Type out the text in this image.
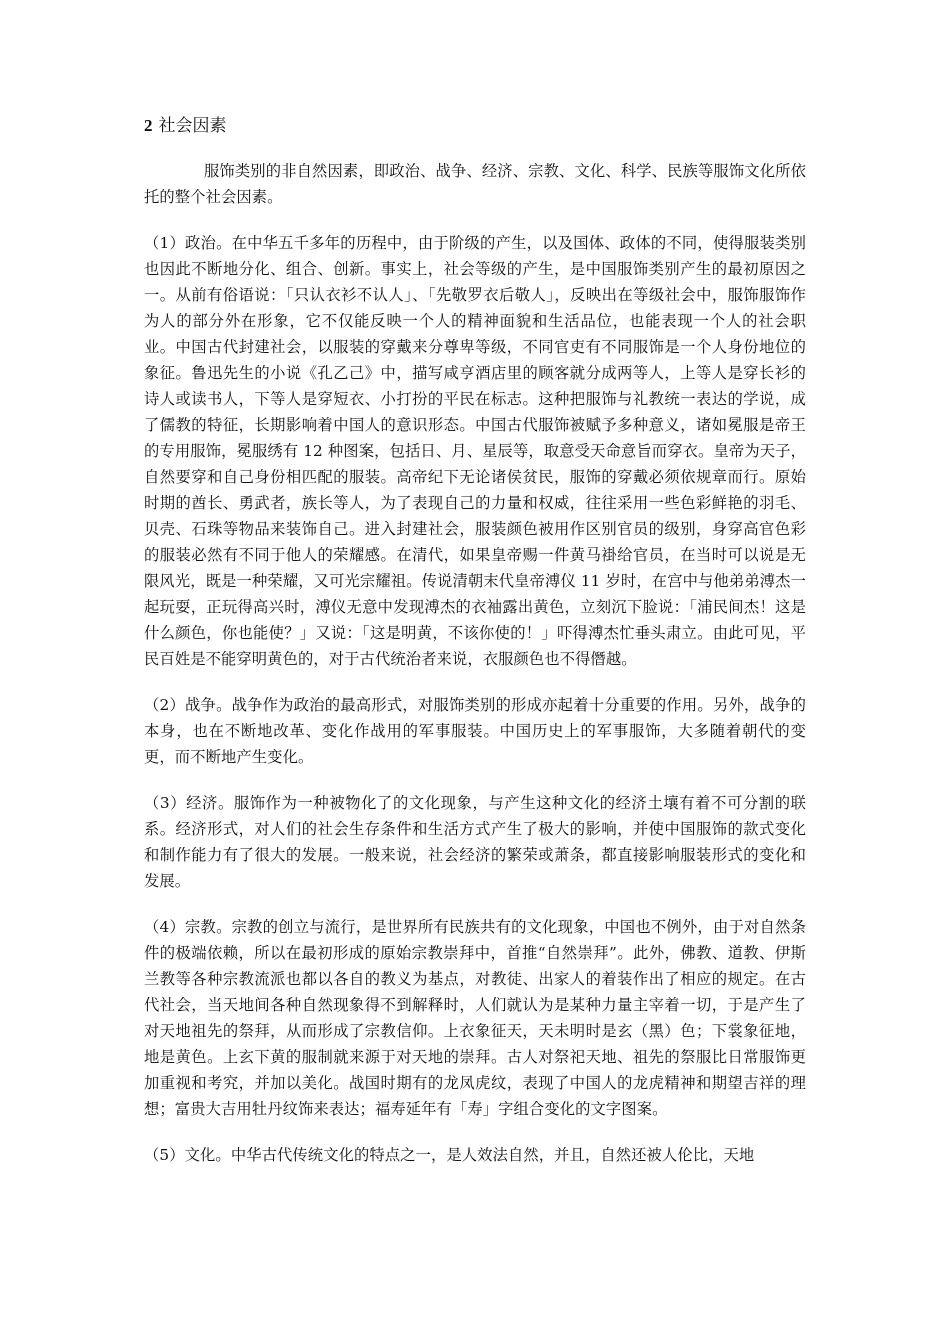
2 社会因素

服饰类别的非自然因素，即政治、战争、经济、宗教、文化、科学、民族等服饰文化所依托的整个社会因素。

（1）政治。在中华五千多年的历程中，由于阶级的产生，以及国体、政体的不同，使得服装类别也因此不断地分化、组合、创新。事实上，社会等级的产生，是中国服饰类别产生的最初原因之一。从前有俗语说：「只认衣衫不认人」、「先敬罗衣后敬人」，反映出在等级社会中，服饰服饰作为人的部分外在形象，它不仅能反映一个人的精神面貌和生活品位，也能表现一个人的社会职业。中国古代封建社会，以服装的穿戴来分尊卑等级，不同官吏有不同服饰是一个人身份地位的象征。鲁迅先生的小说《孔乙己》中，描写咸亨酒店里的顾客就分成两等人，上等人是穿长衫的诗人或读书人，下等人是穿短衣、小打扮的平民在标志。这种把服饰与礼教统一表达的学说，成了儒教的特征，长期影响着中国人的意识形态。中国古代服饰被赋予多种意义，诸如冕服是帝王的专用服饰，冕服绣有 12 种图案，包括日、月、星辰等，取意受天命意旨而穿衣。皇帝为天子，自然要穿和自己身份相匹配的服装。高帝纪下无论诸侯贫民，服饰的穿戴必须依规章而行。原始时期的酋长、勇武者，族长等人，为了表现自己的力量和权威，往往采用一些色彩鲜艳的羽毛、贝壳、石珠等物品来装饰自己。进入封建社会，服装颜色被用作区别官员的级别，身穿高官色彩的服装必然有不同于他人的荣耀感。在清代，如果皇帝赐一件黄马褂给官员，在当时可以说是无限风光，既是一种荣耀，又可光宗耀祖。传说清朝末代皇帝溥仪 11 岁时，在宫中与他弟弟溥杰一起玩耍，正玩得高兴时，溥仪无意中发现溥杰的衣袖露出黄色，立刻沉下脸说：「浦民间杰！这是什么颜色，你也能使？」又说：「这是明黄，不该你使的！」吓得溥杰忙垂头肃立。由此可见，平民百姓是不能穿明黄色的，对于古代统治者来说，衣服颜色也不得僭越。

（2）战争。战争作为政治的最高形式，对服饰类别的形成亦起着十分重要的作用。另外，战争的本身，也在不断地改革、变化作战用的军事服装。中国历史上的军事服饰，大多随着朝代的变更，而不断地产生变化。

（3）经济。服饰作为一种被物化了的文化现象，与产生这种文化的经济土壤有着不可分割的联系。经济形式，对人们的社会生存条件和生活方式产生了极大的影响，并使中国服饰的款式变化和制作能力有了很大的发展。一般来说，社会经济的繁荣或萧条，都直接影响服装形式的变化和发展。

（4）宗教。宗教的创立与流行，是世界所有民族共有的文化现象，中国也不例外，由于对自然条件的极端依赖，所以在最初形成的原始宗教崇拜中，首推“自然崇拜”。此外，佛教、道教、伊斯兰教等各种宗教流派也都以各自的教义为基点，对教徒、出家人的着装作出了相应的规定。在古代社会，当天地间各种自然现象得不到解释时，人们就认为是某种力量主宰着一切，于是产生了对天地祖先的祭拜，从而形成了宗教信仰。上衣象征天，天未明时是玄（黑）色；下裳象征地，地是黄色。上玄下黄的服制就来源于对天地的崇拜。古人对祭祀天地、祖先的祭服比日常服饰更加重视和考究，并加以美化。战国时期有的龙凤虎纹，表现了中国人的龙虎精神和期望吉祥的理想；富贵大吉用牡丹纹饰来表达；福寿延年有「寿」字组合变化的文字图案。

（5）文化。中华古代传统文化的特点之一，是人效法自然，并且，自然还被人伦比，天地
